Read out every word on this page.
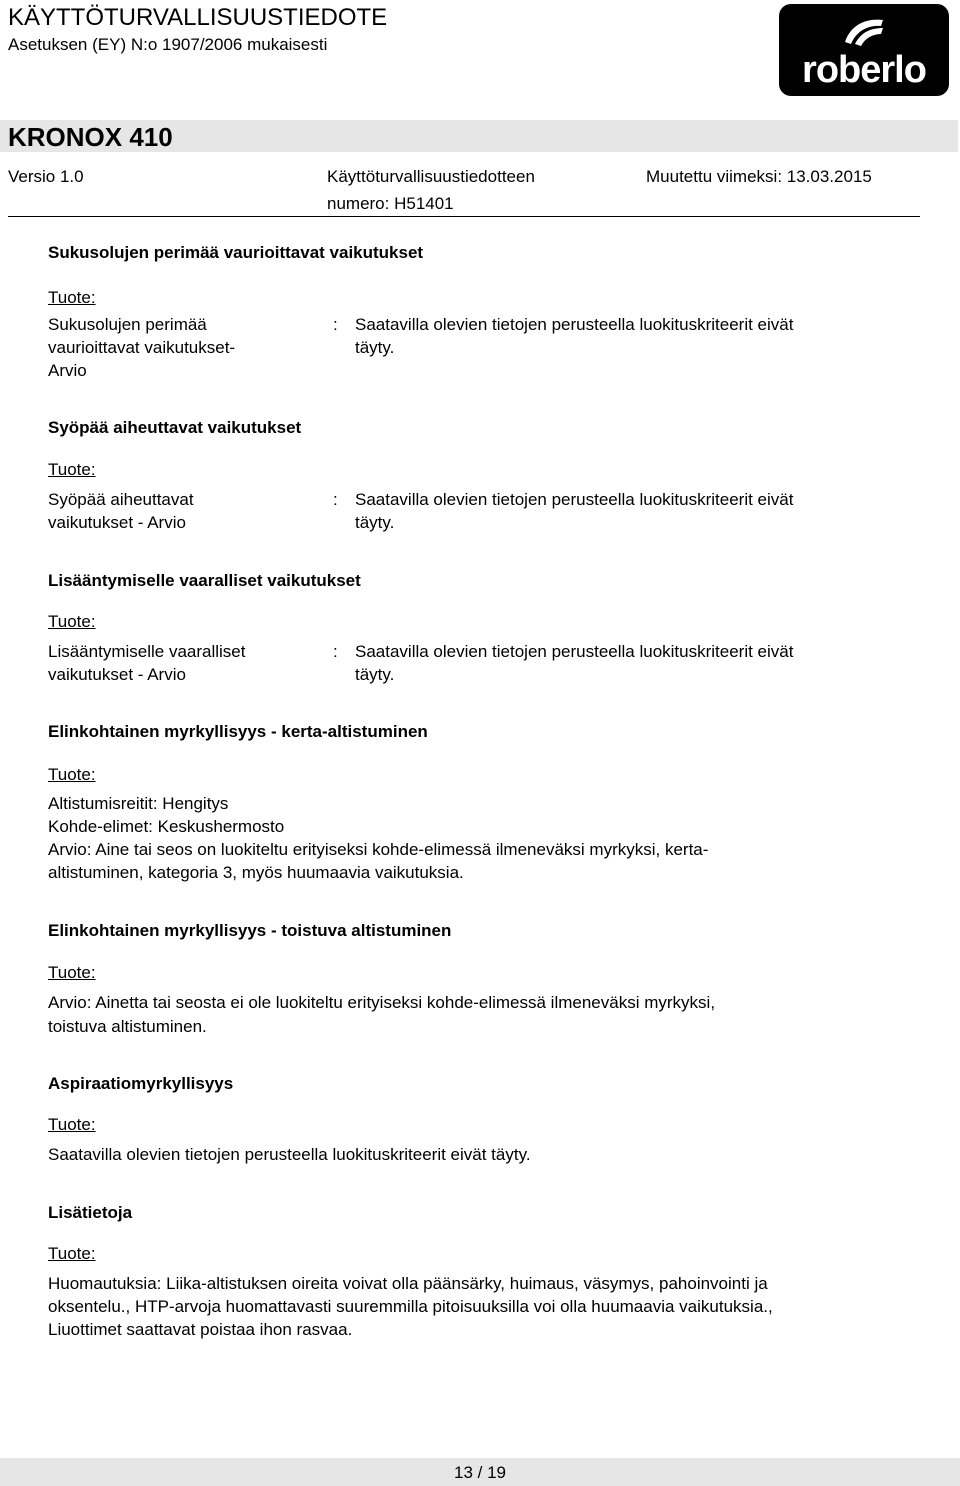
KÄYTTÖTURVALLISUUSTIEDOTE
Asetuksen (EY) N:o 1907/2006 mukaisesti
roberlo
KRONOX 410
Versio 1.0	Käyttöturvallisuustiedotteen	Muutettu viimeksi: 13.03.2015
numero: H51401
Sukusolujen perimää vaurioittavat vaikutukset
Tuote:
Sukusolujen perimää
vaurioittavat vaikutukset-
Arvio
: Saatavilla olevien tietojen perusteella luokituskriteerit eivät
täyty.
Syöpää aiheuttavat vaikutukset
Tuote:
Syöpää aiheuttavat
vaikutukset - Arvio
: Saatavilla olevien tietojen perusteella luokituskriteerit eivät
täyty.
Lisääntymiselle vaaralliset vaikutukset
Tuote:
Lisääntymiselle vaaralliset
vaikutukset - Arvio
: Saatavilla olevien tietojen perusteella luokituskriteerit eivät
täyty.
Elinkohtainen myrkyllisyys - kerta-altistuminen
Tuote:
Altistumisreitit: Hengitys
Kohde-elimet: Keskushermosto
Arvio: Aine tai seos on luokiteltu erityiseksi kohde-elimessä ilmeneväksi myrkyksi, kerta-
altistuminen, kategoria 3, myös huumaavia vaikutuksia.
Elinkohtainen myrkyllisyys - toistuva altistuminen
Tuote:
Arvio: Ainetta tai seosta ei ole luokiteltu erityiseksi kohde-elimessä ilmeneväksi myrkyksi,
toistuva altistuminen.
Aspiraatiomyrkyllisyys
Tuote:
Saatavilla olevien tietojen perusteella luokituskriteerit eivät täyty.
Lisätietoja
Tuote:
Huomautuksia: Liika-altistuksen oireita voivat olla päänsärky, huimaus, väsymys, pahoinvointi ja
oksentelu., HTP-arvoja huomattavasti suuremmilla pitoisuuksilla voi olla huumaavia vaikutuksia.,
Liuottimet saattavat poistaa ihon rasvaa.
13 / 19
